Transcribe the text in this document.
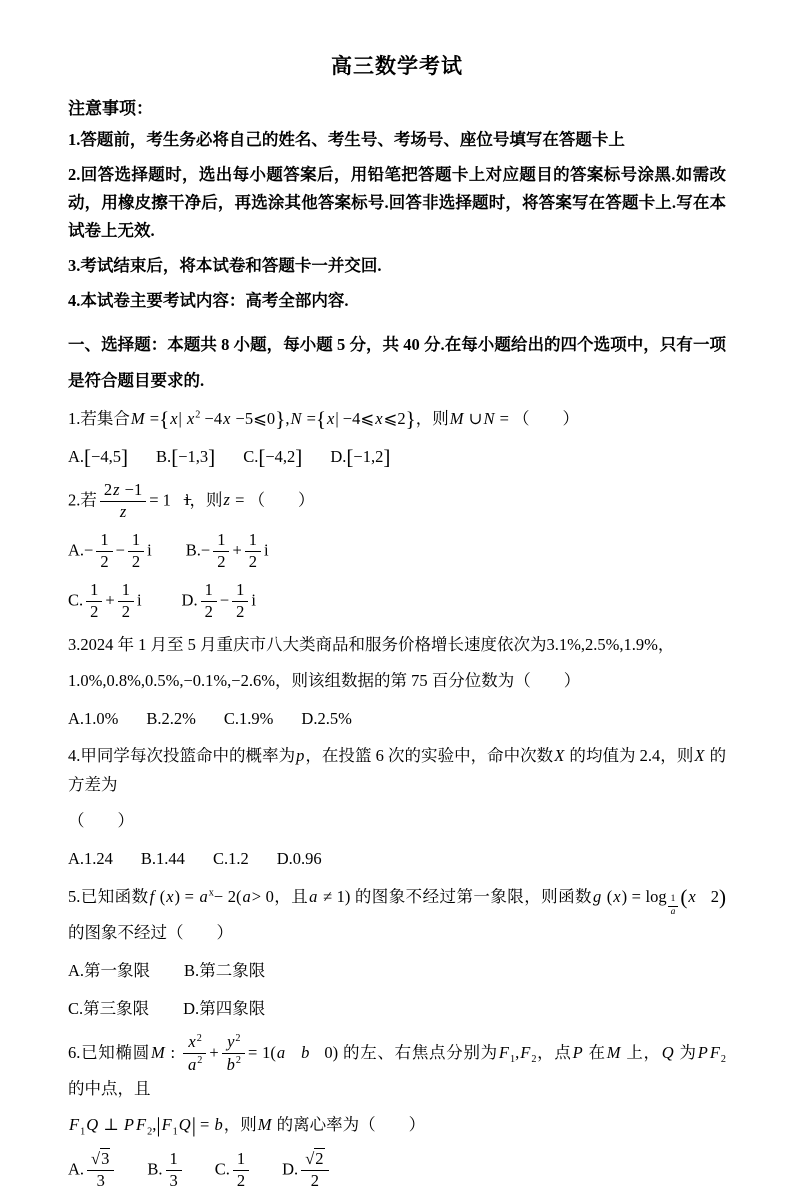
高三数学考试

注意事项：

1.答题前，考生务必将自己的姓名、考生号、考场号、座位号填写在答题卡上

2.回答选择题时，选出每小题答案后，用铅笔把答题卡上对应题目的答案标号涂黑.如需改动，用橡皮擦干净后，再选涂其他答案标号.回答非选择题时，将答案写在答题卡上.写在本试卷上无效.

3.考试结束后，将本试卷和答题卡一并交回.

4.本试卷主要考试内容：高考全部内容.

一、选择题：本题共 8 小题，每小题 5 分，共 40 分.在每小题给出的四个选项中，只有一项是符合题目要求的.

1.若集合M ={x| $x^2 -4x$ −5⩽0},N ={x| −4⩽x⩽2}，则M ∪N = （　　）
A.[−4,5] B.[−1,3] C.[−4,2] D.[−1,2]
2.若 $\frac{2z -1}{z} = 1$ ，则z = （　　）
$A.- \frac{1}{2} - \frac{1}{2}$ i $B.- \frac{1}{2} + \frac{1}{2}$ i
C. $\frac{1}{2} + \frac{1}{2}$ i D. $\frac{1}{2} - \frac{1}{2}$ i
3.2024 年 1 月至 5 月重庆市八大类商品和服务价格增长速度依次为3.1%,2.5%,1.9%，
1.0%,0.8%,0.5%,−0.1%,−2.6%，则该组数据的第 75 百分位数为（　　）
A.1.0% B.2.2% C.1.9% D.2.5%
4.甲同学每次投篮命中的概率为p，在投篮 6 次的实验中，命中次数X 的均值为 2.4，则X 的方差为
（　　）
A.1.24 B.1.44 C.1.2 D.0.96
5.已知函数f $(x) = a^x- 2(a> 0$，且a ≠ 1) 的图象不经过第一象限，则函数g $(x) = \log \frac{1}{a} (x$ 2) 的图象不经过（　　）
A.第一象限 B.第二象限
C.第三象限 D.第四象限
6.已知椭圆M : $\frac{x^2}{a^2} + \frac{y^2}{b^2} = 1(a$ b 0) 的左、右焦点分别为$F_1,F_2$，点P 在M 上，Q 为P $F_2$ 的中点，且
$F_1Q$ ⊥ P $F_2,|F_1Q| = b$，则M 的离心率为（　　）
A. $\frac{√3}{3} B$. $\frac{1}{3} C$. $\frac{1}{2} D$. $\frac{√2}{2}$
